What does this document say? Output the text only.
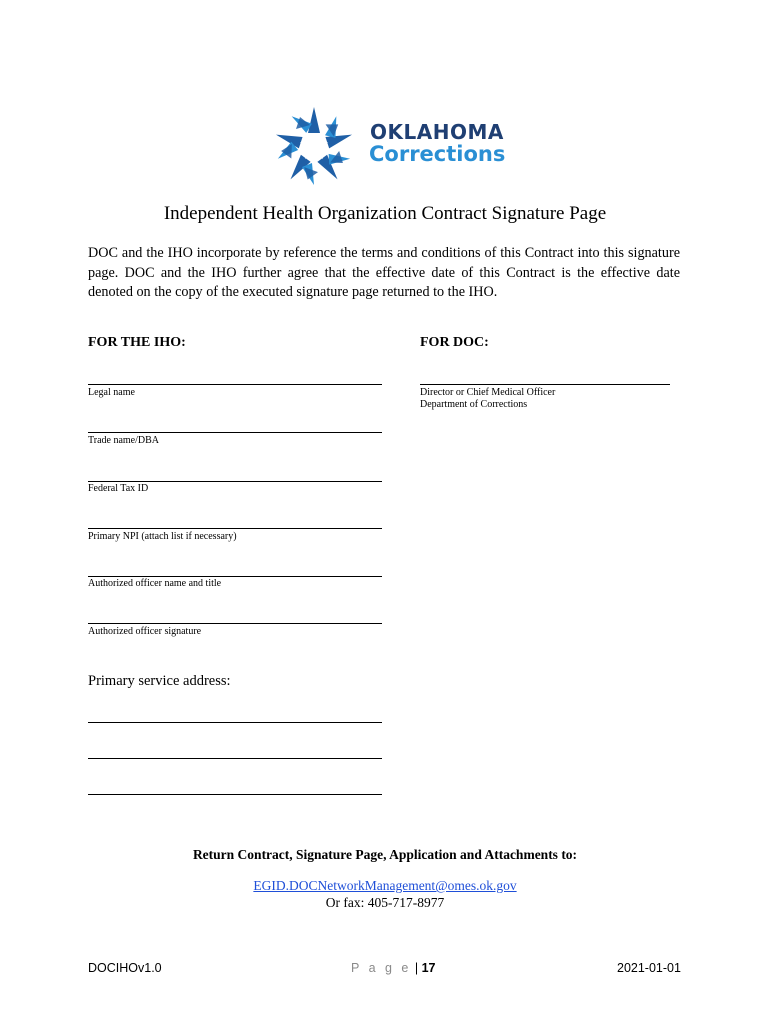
OKLAHOMA
Corrections
Independent Health Organization Contract Signature Page
DOC and the IHO incorporate by reference the terms and conditions of this Contract into this signature page. DOC and the IHO further agree that the effective date of this Contract is the effective date denoted on the copy of the executed signature page returned to the IHO.
FOR THE IHO:	FOR DOC:
Legal name
Trade name/DBA
Federal Tax ID
Primary NPI (attach list if necessary)
Authorized officer name and title
Authorized officer signature
Director or Chief Medical Officer
Department of Corrections
Primary service address:
Return Contract, Signature Page, Application and Attachments to:
EGID.DOCNetworkManagement@omes.ok.gov
Or fax: 405-717-8977
DOCIHOv1.0	P a g e | 17	2021-01-01
